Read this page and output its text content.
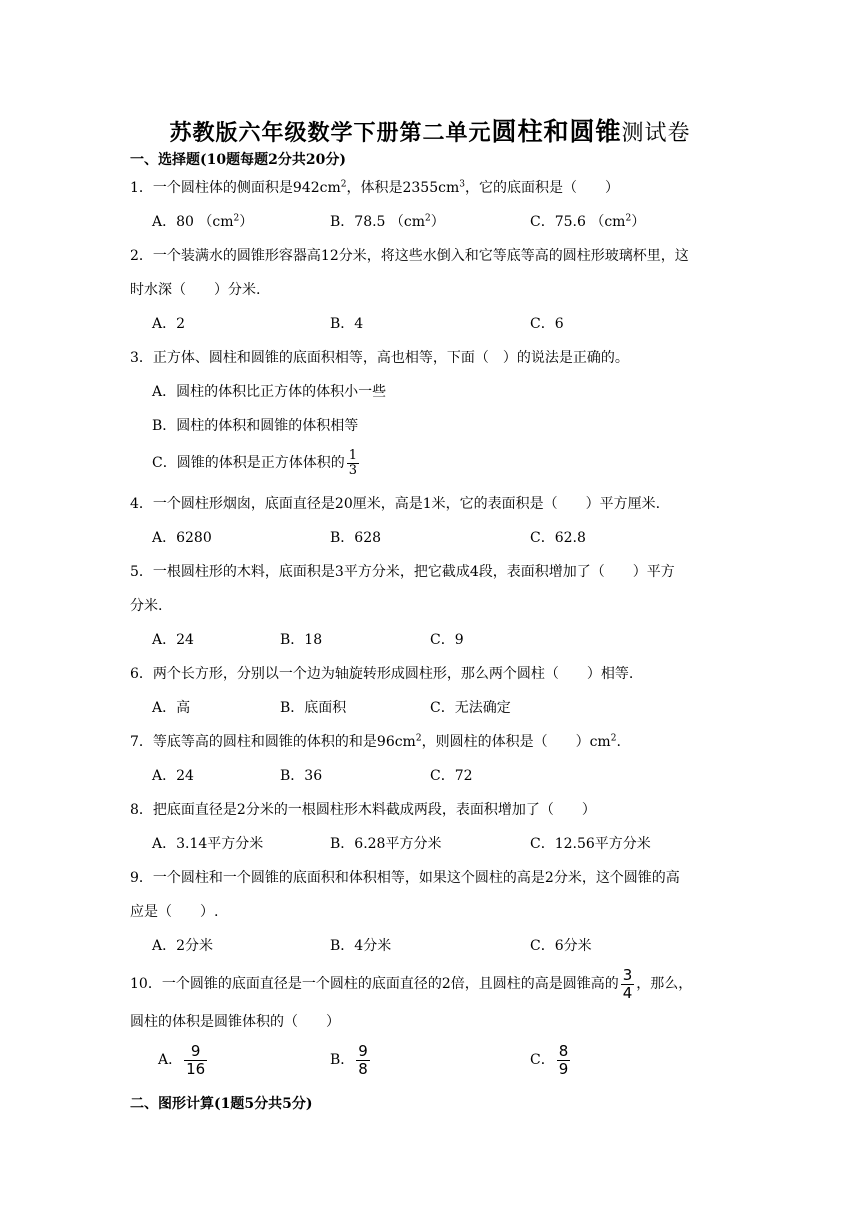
苏教版六年级数学下册第二单元圆柱和圆锥测试卷
一、选择题(10题每题2分共20分)
1．一个圆柱体的侧面积是$942cm^2$，体积是$2355cm^3$，它的底面积是（　　）
A．80 $(cm^2)$	B．78.5 $(cm^2)$	C．75.6 $(cm^2)$
2．一个装满水的圆锥形容器高12分米，将这些水倒入和它等底等高的圆柱形玻璃杯里，这
时水深（　　）分米.
A．2	B．4	C．6
3．正方体、圆柱和圆锥的底面积相等，高也相等，下面（　）的说法是正确的。
A．圆柱的体积比正方体的体积小一些
B．圆柱的体积和圆锥的体积相等
C．圆锥的体积是正方体体积的 $\frac{1}{3}$
4．一个圆柱形烟囱，底面直径是20厘米，高是1米，它的表面积是（　　）平方厘米.
A．6280	B．628	C．62.8
5．一根圆柱形的木料，底面积是3平方分米，把它截成4段，表面积增加了（　　）平方
分米.
A．24	B．18	C．9
6．两个长方形，分别以一个边为轴旋转形成圆柱形，那么两个圆柱（　　）相等.
A．高	B．底面积	C．无法确定
7．等底等高的圆柱和圆锥的体积的和是$96cm^2$，则圆柱的体积是（　　）$cm^2$.
A．24	B．36	C．72
8．把底面直径是2分米的一根圆柱形木料截成两段，表面积增加了（　　）
A．3.14平方分米	B．6.28平方分米	C．12.56平方分米
9．一个圆柱和一个圆锥的底面积和体积相等，如果这个圆柱的高是2分米，这个圆锥的高
应是（　　）.
A．2分米	B．4分米	C．6分米
10．一个圆锥的底面直径是一个圆柱的底面直径的2倍，且圆柱的高是圆锥高的 $\frac{3}{4}$ ，那么，
圆柱的体积是圆锥体积的（　　）
A． $\frac{9}{16}$	B． $\frac{9}{8}$	C． $\frac{8}{9}$
二、图形计算(1题5分共5分)
